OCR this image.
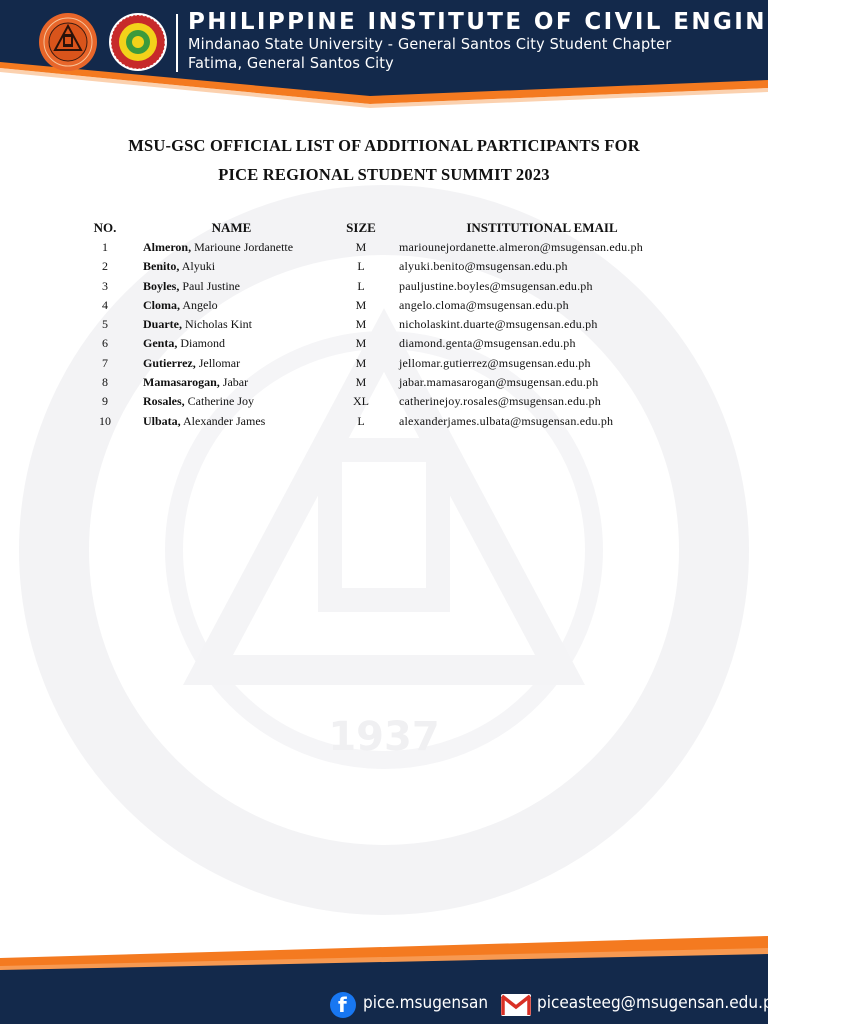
PHILIPPINE INSTITUTE OF CIVIL ENGINEERS
Mindanao State University - General Santos City Student Chapter
Fatima, General Santos City
1937
MSU-GSC OFFICIAL LIST OF ADDITIONAL PARTICIPANTS FOR
PICE REGIONAL STUDENT SUMMIT 2023
NO.	NAME	SIZE	INSTITUTIONAL EMAIL
1	Almeron, Marioune Jordanette	M	mariounejordanette.almeron@msugensan.edu.ph
2	Benito, Alyuki	L	alyuki.benito@msugensan.edu.ph
3	Boyles, Paul Justine	L	pauljustine.boyles@msugensan.edu.ph
4	Cloma, Angelo	M	angelo.cloma@msugensan.edu.ph
5	Duarte, Nicholas Kint	M	nicholaskint.duarte@msugensan.edu.ph
6	Genta, Diamond	M	diamond.genta@msugensan.edu.ph
7	Gutierrez, Jellomar	M	jellomar.gutierrez@msugensan.edu.ph
8	Mamasarogan, Jabar	M	jabar.mamasarogan@msugensan.edu.ph
9	Rosales, Catherine Joy	XL	catherinejoy.rosales@msugensan.edu.ph
10	Ulbata, Alexander James	L	alexanderjames.ulbata@msugensan.edu.ph
f
pice.msugensan	piceasteeg@msugensan.edu.ph
